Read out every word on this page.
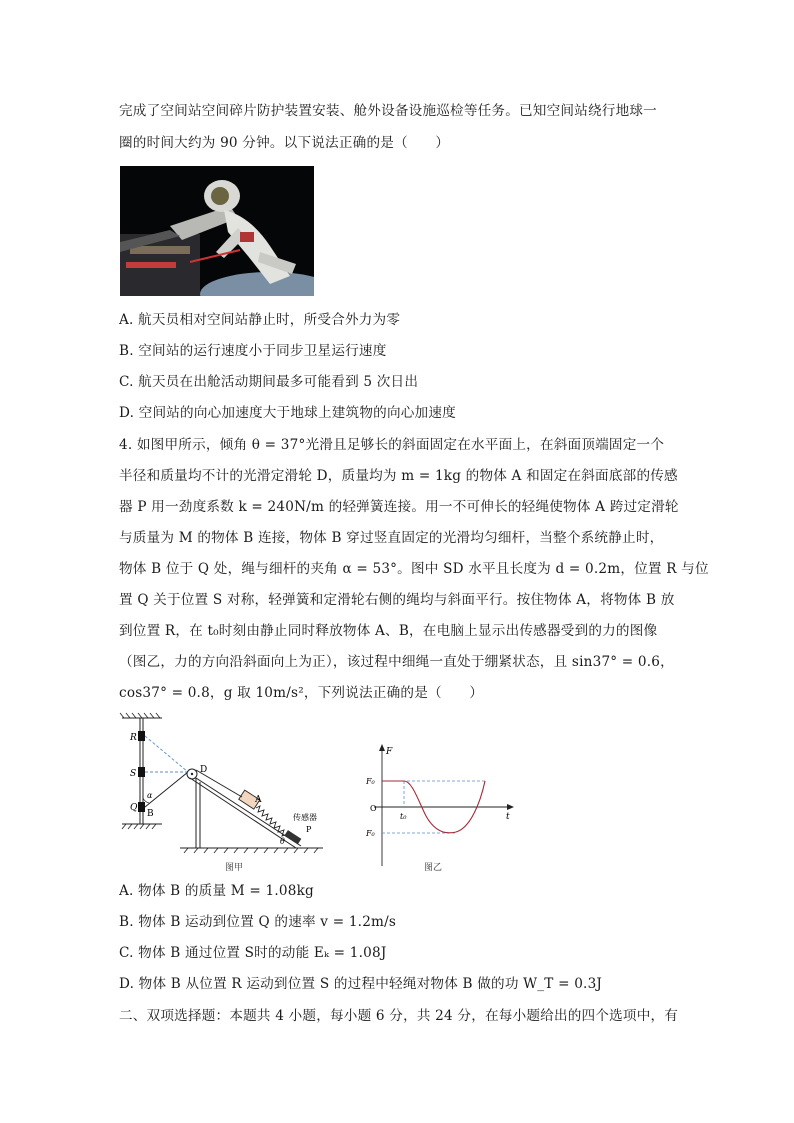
完成了空间站空间碎片防护装置安装、舱外设备设施巡检等任务。已知空间站绕行地球一
圈的时间大约为 90 分钟。以下说法正确的是（　　）
A. 航天员相对空间站静止时，所受合外力为零
B. 空间站的运行速度小于同步卫星运行速度
C. 航天员在出舱活动期间最多可能看到 5 次日出
D. 空间站的向心加速度大于地球上建筑物的向心加速度
4. 如图甲所示，倾角 θ = 37°光滑且足够长的斜面固定在水平面上，在斜面顶端固定一个
半径和质量均不计的光滑定滑轮 D，质量均为 m = 1kg 的物体 A 和固定在斜面底部的传感
器 P 用一劲度系数 k = 240N/m 的轻弹簧连接。用一不可伸长的轻绳使物体 A 跨过定滑轮
与质量为 M 的物体 B 连接，物体 B 穿过竖直固定的光滑均匀细杆，当整个系统静止时，
物体 B 位于 Q 处，绳与细杆的夹角 α = 53°。图中 SD 水平且长度为 d = 0.2m，位置 R 与位
置 Q 关于位置 S 对称，轻弹簧和定滑轮右侧的绳均与斜面平行。按住物体 A，将物体 B 放
到位置 R，在 t₀时刻由静止同时释放物体 A、B，在电脑上显示出传感器受到的力的图像
（图乙，力的方向沿斜面向上为正），该过程中细绳一直处于绷紧状态，且 sin37° = 0.6，
cos37° = 0.8，g 取 10m/s²，下列说法正确的是（　　）
R
S
Q
B
α
D
A
传感器
P
θ
图甲
F
F₀
O
F₀
t₀	t
图乙
A. 物体 B 的质量 M = 1.08kg
B. 物体 B 运动到位置 Q 的速率 v = 1.2m/s
C. 物体 B 通过位置 S时的动能 Eₖ = 1.08J
D. 物体 B 从位置 R 运动到位置 S 的过程中轻绳对物体 B 做的功 W_T = 0.3J
二、双项选择题：本题共 4 小题，每小题 6 分，共 24 分，在每小题给出的四个选项中，有
